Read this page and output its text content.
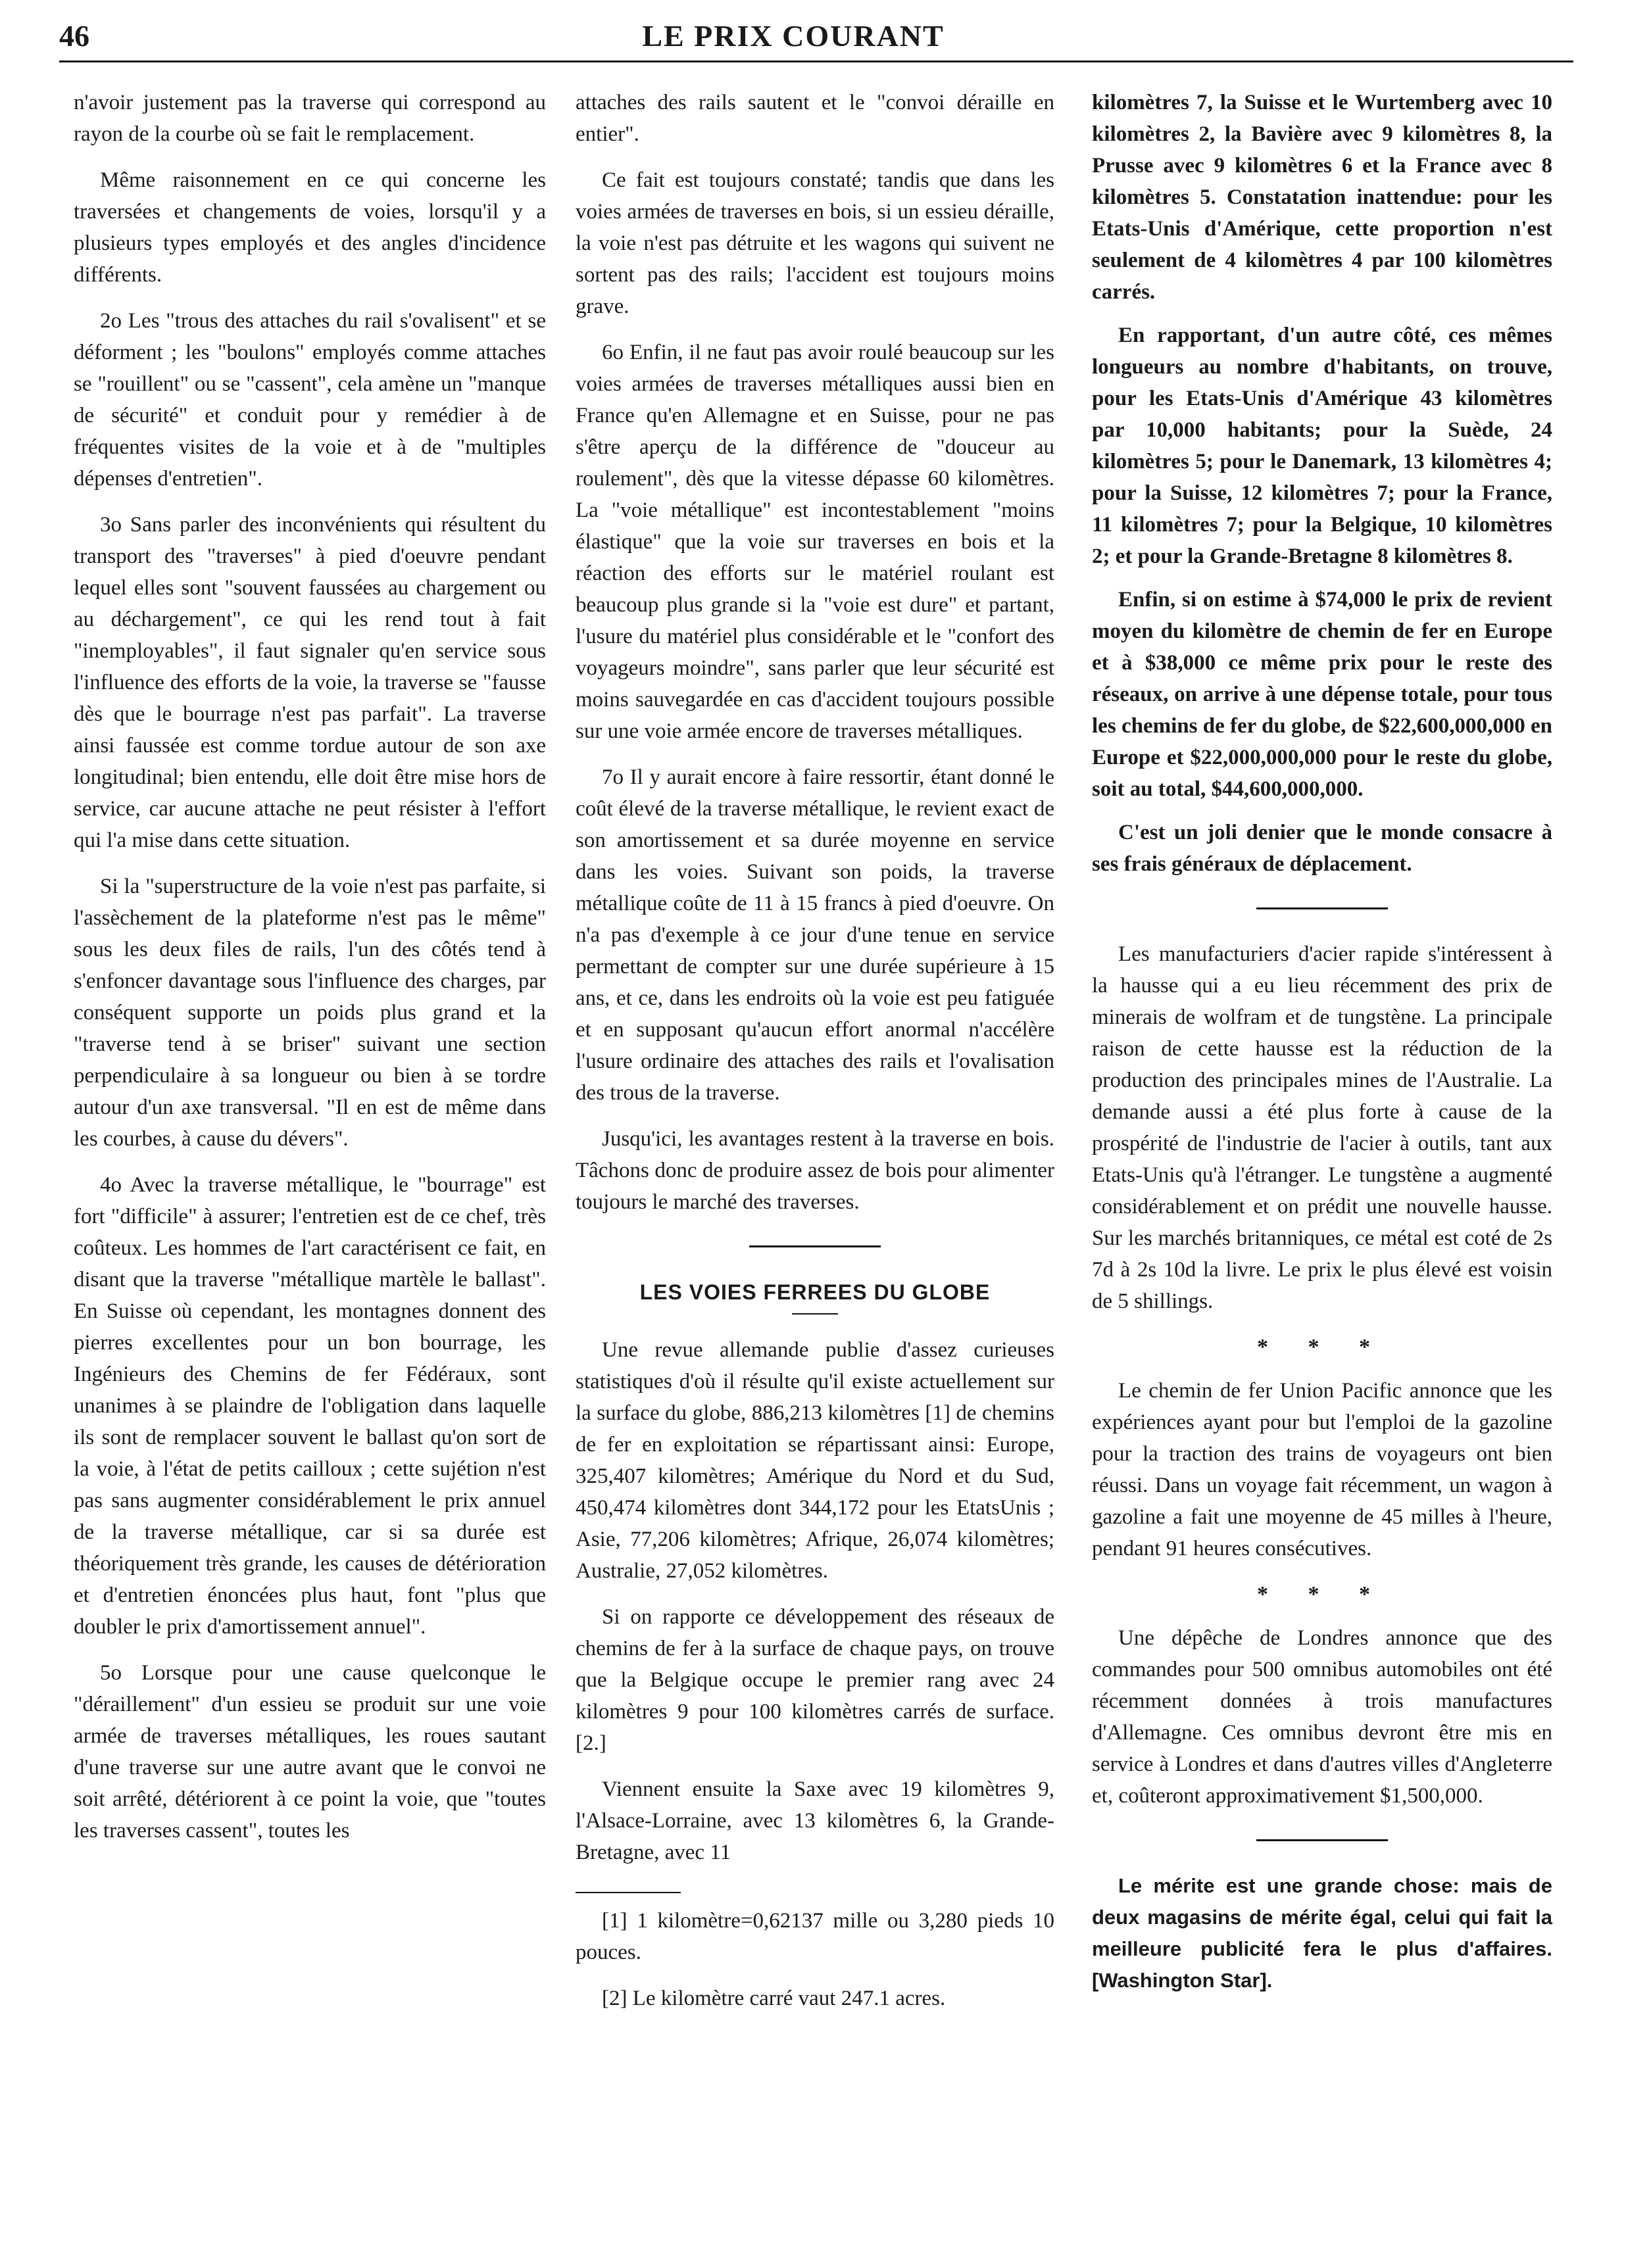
46	LE PRIX COURANT

n'avoir justement pas la traverse qui correspond au rayon de la courbe où se fait le remplacement.

Même raisonnement en ce qui concerne les traversées et changements de voies, lorsqu'il y a plusieurs types employés et des angles d'incidence différents.

2o Les "trous des attaches du rail s'ovalisent" et se déforment ; les "boulons" employés comme attaches se "rouillent" ou se "cassent", cela amène un "manque de sécurité" et conduit pour y remédier à de fréquentes visites de la voie et à de "multiples dépenses d'entretien".

3o Sans parler des inconvénients qui résultent du transport des "traverses" à pied d'oeuvre pendant lequel elles sont "souvent faussées au chargement ou au déchargement", ce qui les rend tout à fait "inemployables", il faut signaler qu'en service sous l'influence des efforts de la voie, la traverse se "fausse dès que le bourrage n'est pas parfait". La traverse ainsi faussée est comme tordue autour de son axe longitudinal; bien entendu, elle doit être mise hors de service, car aucune attache ne peut résister à l'effort qui l'a mise dans cette situation.

Si la "superstructure de la voie n'est pas parfaite, si l'assèchement de la plateforme n'est pas le même" sous les deux files de rails, l'un des côtés tend à s'enfoncer davantage sous l'influence des charges, par conséquent supporte un poids plus grand et la "traverse tend à se briser" suivant une section perpendiculaire à sa longueur ou bien à se tordre autour d'un axe transversal. "Il en est de même dans les courbes, à cause du dévers".

4o Avec la traverse métallique, le "bourrage" est fort "difficile" à assurer; l'entretien est de ce chef, très coûteux. Les hommes de l'art caractérisent ce fait, en disant que la traverse "métallique martèle le ballast". En Suisse où cependant, les montagnes donnent des pierres excellentes pour un bon bourrage, les Ingénieurs des Chemins de fer Fédéraux, sont unanimes à se plaindre de l'obligation dans laquelle ils sont de remplacer souvent le ballast qu'on sort de la voie, à l'état de petits cailloux ; cette sujétion n'est pas sans augmenter considérablement le prix annuel de la traverse métallique, car si sa durée est théoriquement très grande, les causes de détérioration et d'entretien énoncées plus haut, font "plus que doubler le prix d'amortissement annuel".

5o Lorsque pour une cause quelconque le "déraillement" d'un essieu se produit sur une voie armée de traverses métalliques, les roues sautant d'une traverse sur une autre avant que le convoi ne soit arrêté, détériorent à ce point la voie, que "toutes les traverses cassent", toutes les

attaches des rails sautent et le "convoi déraille en entier".

Ce fait est toujours constaté; tandis que dans les voies armées de traverses en bois, si un essieu déraille, la voie n'est pas détruite et les wagons qui suivent ne sortent pas des rails; l'accident est toujours moins grave.

6o Enfin, il ne faut pas avoir roulé beaucoup sur les voies armées de traverses métalliques aussi bien en France qu'en Allemagne et en Suisse, pour ne pas s'être aperçu de la différence de "douceur au roulement", dès que la vitesse dépasse 60 kilomètres. La "voie métallique" est incontestablement "moins élastique" que la voie sur traverses en bois et la réaction des efforts sur le matériel roulant est beaucoup plus grande si la "voie est dure" et partant, l'usure du matériel plus considérable et le "confort des voyageurs moindre", sans parler que leur sécurité est moins sauvegardée en cas d'accident toujours possible sur une voie armée encore de traverses métalliques.

7o Il y aurait encore à faire ressortir, étant donné le coût élevé de la traverse métallique, le revient exact de son amortissement et sa durée moyenne en service dans les voies. Suivant son poids, la traverse métallique coûte de 11 à 15 francs à pied d'oeuvre. On n'a pas d'exemple à ce jour d'une tenue en service permettant de compter sur une durée supérieure à 15 ans, et ce, dans les endroits où la voie est peu fatiguée et en supposant qu'aucun effort anormal n'accélère l'usure ordinaire des attaches des rails et l'ovalisation des trous de la traverse.

Jusqu'ici, les avantages restent à la traverse en bois. Tâchons donc de produire assez de bois pour alimenter toujours le marché des traverses.

LES VOIES FERREES DU GLOBE

Une revue allemande publie d'assez curieuses statistiques d'où il résulte qu'il existe actuellement sur la surface du globe, 886,213 kilomètres [1] de chemins de fer en exploitation se répartissant ainsi: Europe, 325,407 kilomètres; Amérique du Nord et du Sud, 450,474 kilomètres dont 344,172 pour les EtatsUnis ; Asie, 77,206 kilomètres; Afrique, 26,074 kilomètres; Australie, 27,052 kilomètres.

Si on rapporte ce développement des réseaux de chemins de fer à la surface de chaque pays, on trouve que la Belgique occupe le premier rang avec 24 kilomètres 9 pour 100 kilomètres carrés de surface. [2.]

Viennent ensuite la Saxe avec 19 kilomètres 9, l'Alsace-Lorraine, avec 13 kilomètres 6, la Grande-Bretagne, avec 11

[1] 1 kilomètre=0,62137 mille ou 3,280 pieds 10 pouces.

[2] Le kilomètre carré vaut 247.1 acres.

kilomètres 7, la Suisse et le Wurtemberg avec 10 kilomètres 2, la Bavière avec 9 kilomètres 8, la Prusse avec 9 kilomètres 6 et la France avec 8 kilomètres 5. Constatation inattendue: pour les Etats-Unis d'Amérique, cette proportion n'est seulement de 4 kilomètres 4 par 100 kilomètres carrés.

En rapportant, d'un autre côté, ces mêmes longueurs au nombre d'habitants, on trouve, pour les Etats-Unis d'Amérique 43 kilomètres par 10,000 habitants; pour la Suède, 24 kilomètres 5; pour le Danemark, 13 kilomètres 4; pour la Suisse, 12 kilomètres 7; pour la France, 11 kilomètres 7; pour la Belgique, 10 kilomètres 2; et pour la Grande-Bretagne 8 kilomètres 8.

Enfin, si on estime à $74,000 le prix de revient moyen du kilomètre de chemin de fer en Europe et à $38,000 ce même prix pour le reste des réseaux, on arrive à une dépense totale, pour tous les chemins de fer du globe, de $22,600,000,000 en Europe et $22,000,000,000 pour le reste du globe, soit au total, $44,600,000,000.

C'est un joli denier que le monde consacre à ses frais généraux de déplacement.

Les manufacturiers d'acier rapide s'intéressent à la hausse qui a eu lieu récemment des prix de minerais de wolfram et de tungstène. La principale raison de cette hausse est la réduction de la production des principales mines de l'Australie. La demande aussi a été plus forte à cause de la prospérité de l'industrie de l'acier à outils, tant aux Etats-Unis qu'à l'étranger. Le tungstène a augmenté considérablement et on prédit une nouvelle hausse. Sur les marchés britanniques, ce métal est coté de 2s 7d à 2s 10d la livre. Le prix le plus élevé est voisin de 5 shillings.

* * *

Le chemin de fer Union Pacific annonce que les expériences ayant pour but l'emploi de la gazoline pour la traction des trains de voyageurs ont bien réussi. Dans un voyage fait récemment, un wagon à gazoline a fait une moyenne de 45 milles à l'heure, pendant 91 heures consécutives.

* * *

Une dépêche de Londres annonce que des commandes pour 500 omnibus automobiles ont été récemment données à trois manufactures d'Allemagne. Ces omnibus devront être mis en service à Londres et dans d'autres villes d'Angleterre et, coûteront approximativement $1,500,000.

Le mérite est une grande chose: mais de deux magasins de mérite égal, celui qui fait la meilleure publicité fera le plus d'affaires. [Washington Star].
